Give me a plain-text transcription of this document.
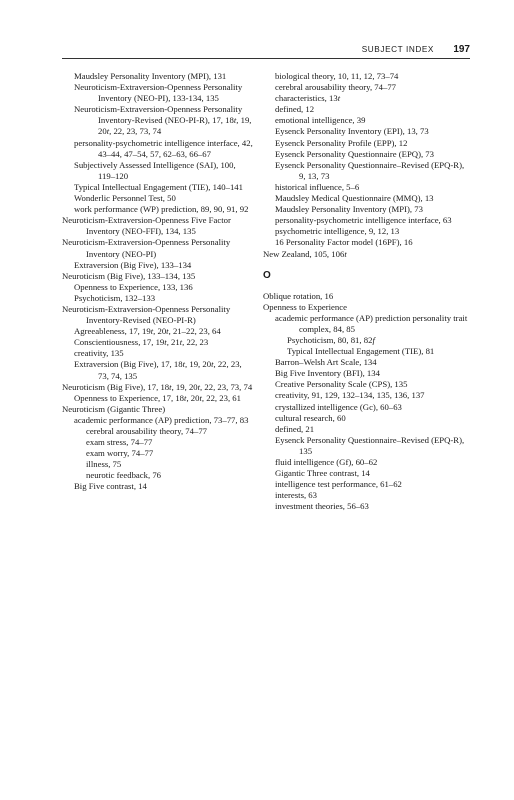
SUBJECT INDEX 197

Maudsley Personality Inventory (MPI), 131

Neuroticism-Extraversion-Openness Personality Inventory (NEO-PI), 133-134, 135

Neuroticism-Extraversion-Openness Personality Inventory-Revised (NEO-PI-R), 17, 18t, 19, 20t, 22, 23, 73, 74

personality-psychometric intelligence interface, 42, 43–44, 47–54, 57, 62–63, 66–67

Subjectively Assessed Intelligence (SAI), 100, 119–120

Typical Intellectual Engagement (TIE), 140–141

Wonderlic Personnel Test, 50

work performance (WP) prediction, 89, 90, 91, 92

Neuroticism-Extraversion-Openness Five Factor Inventory (NEO-FFI), 134, 135

Neuroticism-Extraversion-Openness Personality Inventory (NEO-PI)

Extraversion (Big Five), 133–134

Neuroticism (Big Five), 133–134, 135

Openness to Experience, 133, 136

Psychoticism, 132–133

Neuroticism-Extraversion-Openness Personality Inventory-Revised (NEO-PI-R)

Agreeableness, 17, 19t, 20t, 21–22, 23, 64

Conscientiousness, 17, 19t, 21t, 22, 23

creativity, 135

Extraversion (Big Five), 17, 18t, 19, 20t, 22, 23, 73, 74, 135

Neuroticism (Big Five), 17, 18t, 19, 20t, 22, 23, 73, 74

Openness to Experience, 17, 18t, 20t, 22, 23, 61

Neuroticism (Gigantic Three)

academic performance (AP) prediction, 73–77, 83

cerebral arousability theory, 74–77

exam stress, 74–77

exam worry, 74–77

illness, 75

neurotic feedback, 76

Big Five contrast, 14

biological theory, 10, 11, 12, 73–74

cerebral arousability theory, 74–77

characteristics, 13t

defined, 12

emotional intelligence, 39

Eysenck Personality Inventory (EPI), 13, 73

Eysenck Personality Profile (EPP), 12

Eysenck Personality Questionnaire (EPQ), 73

Eysenck Personality Questionnaire–Revised (EPQ-R), 9, 13, 73

historical influence, 5–6

Maudsley Medical Questionnaire (MMQ), 13

Maudsley Personality Inventory (MPI), 73

personality-psychometric intelligence interface, 63

psychometric intelligence, 9, 12, 13

16 Personality Factor model (16PF), 16

New Zealand, 105, 106t

O

Oblique rotation, 16

Openness to Experience

academic performance (AP) prediction personality trait complex, 84, 85

Psychoticism, 80, 81, 82f

Typical Intellectual Engagement (TIE), 81

Barron–Welsh Art Scale, 134

Big Five Inventory (BFI), 134

Creative Personality Scale (CPS), 135

creativity, 91, 129, 132–134, 135, 136, 137

crystallized intelligence (Gc), 60–63

cultural research, 60

defined, 21

Eysenck Personality Questionnaire–Revised (EPQ-R), 135

fluid intelligence (Gf), 60–62

Gigantic Three contrast, 14

intelligence test performance, 61–62

interests, 63

investment theories, 56–63
